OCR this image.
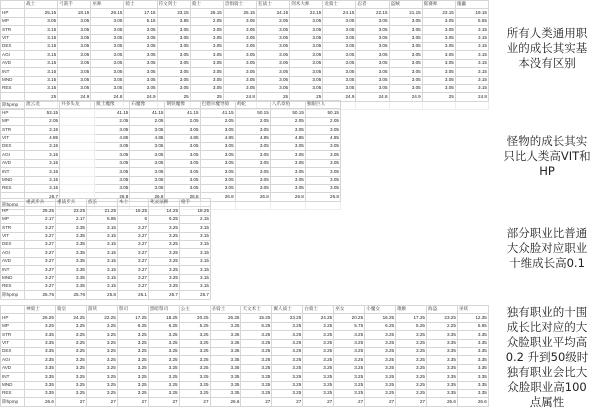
	战士	弓箭手	巫师	骑士	符文剑士	骑士	恐惧骑士	狂战士	剑术大师	龙骑士	忍者	盗贼	狱赛师	傀儡
HP	25.15	18.15	26.15	17.15	23.15	26.15	25.15	24.15	22.15	24.15	22.15	21.15	23.15	19.15
MP	3.05	3.05	3.05	5.15	3.85	2.05	3.05	2.05	3.05	3.05	3.05	3.05	3.05	5.55
STR	3.15	3.05	3.05	3.05	3.05	3.05	3.05	3.05	3.05	3.05	3.05	3.05	3.05	3.15
VIT	3.15	3.05	3.05	3.05	3.05	3.05	3.05	3.05	3.05	3.05	3.05	3.05	3.05	3.15
DEX	3.15	3.05	3.05	3.05	3.05	3.05	3.05	3.05	3.05	3.05	3.05	3.05	3.05	3.15
AGI	3.15	3.05	3.05	3.05	3.05	3.05	3.05	3.05	3.05	3.05	3.05	3.05	3.05	3.15
AVD	3.15	3.05	3.05	3.05	3.05	3.05	3.05	3.05	3.05	3.05	3.05	3.05	3.05	3.15
INT	3.15	3.05	3.05	3.05	3.05	3.05	3.05	3.05	3.05	3.05	3.05	3.05	3.05	3.15
MND	3.15	3.05	3.05	3.05	3.05	3.05	3.05	3.05	3.05	3.05	3.05	3.05	3.05	3.15
RES	3.15	3.05	3.05	3.05	3.05	3.05	3.05	3.05	3.05	3.05	3.05	3.05	3.05	3.15
	25	24.9	24.8	24.9	25	25	24.8	25	25	24.9	24.8	24.9	25	24.8
除hpmp														
	流云龙	并多头龙	航士魔像	石魔像	钢铁魔像	巴德尔魔导骑	鸡蛇	八爪章鱼	独眼巨人
HP	53.15		41.15	41.15	41.15	41.15	50.15	50.15	50.15
MP	2.05		2.05	2.05	2.05	2.05	2.05	2.05	2.05
STR	3.15		3.05	3.05	3.05	3.05	3.05	3.05	3.05
VIT	4.85		4.85	4.85	4.85	4.85	4.85	4.85	4.85
DEX	3.15		3.05	3.05	3.05	3.05	3.05	3.05	3.05
AGI	3.15		3.05	3.05	3.05	3.05	3.05	3.05	3.05
AVD	3.15		3.05	3.05	3.05	3.05	3.05	3.05	3.05
INT	3.15		3.05	3.05	3.05	3.05	3.05	3.05	3.05
MND	3.15		3.05	3.05	3.05	3.05	3.05	3.05	3.05
RES	3.15		3.05	3.05	3.05	3.05	3.05	3.05	3.05
	26.7		26.8	26.8	26.8	26.8	26.8	26.8	26.8
除hpmp									
	重武步兵	重战步兵	族长	木士	死灵法师	枪手
HP	25.25	23.25	21.25	15.25	14.25	18.25
MP	2.17	2.17	5.95	6	6.25	2.15
STR	3.27	3.35	3.15	3.27	3.25	3.15
VIT	3.27	3.35	3.15	3.27	3.25	3.15
DEX	3.27	3.35	3.15	3.27	3.25	3.15
AGI	3.27	3.35	3.15	3.27	3.25	3.15
AVD	3.27	3.35	3.15	3.27	3.25	3.15
INT	3.27	3.35	3.15	3.27	3.25	3.15
MND	3.27	3.35	3.15	3.27	3.25	3.15
RES	3.27	3.35	3.15	3.27	3.25	3.15
除hpmp	25.76	25.76	25.8	26.1	25.7	25.7
	神骑士	骑皇	游侠	祭司	黑暗祭司	公主	圣骑士	天文术士	翼人战士	白骑士	巫女	小魔女	歌姬	海盗	巫妖
HP	26.25	24.25	22.25	17.25	18.25	20.25	26.25	15.25	23.25	24.25	20.25	16.25	17.25	23.25	12.35
MP	3.25	3.25	3.25	6.25	6.25	5.25	3.25	6.25	3.25	3.25	5.75	6.25	5.25	2.25	5.65
STR	3.35	3.25	3.25	3.25	3.25	3.25	3.35	3.25	3.25	3.25	3.25	3.25	3.25	3.35	3.35
VIT	3.35	3.25	3.25	3.25	3.25	3.25	3.35	3.25	3.25	3.25	3.25	3.25	3.25	3.35	3.35
DEX	3.35	3.25	3.25	3.25	3.25	3.25	3.35	3.25	3.25	3.25	3.25	3.25	3.25	3.35	3.35
AGI	3.35	3.25	3.25	3.25	3.25	3.25	3.35	3.25	3.25	3.25	3.25	3.25	3.25	3.35	3.35
AVD	3.35	3.25	3.25	3.25	3.25	3.25	3.35	3.25	3.25	3.25	3.25	3.25	3.25	3.35	3.35
INT	3.35	3.25	3.25	3.25	3.25	3.25	3.35	3.25	3.25	3.25	3.25	3.25	3.25	3.35	3.35
MND	3.35	3.25	3.25	3.25	3.25	3.25	3.35	3.25	3.25	3.25	3.25	3.25	3.25	3.35	3.35
RES	3.35	3.25	3.25	3.25	3.25	3.25	3.35	3.25	3.25	3.25	3.25	3.25	3.25	3.35	3.35
除hpmp	26.6	27	27	27	27	27	26.6	27	27	27	27	27	27	26.6	26.6
所有人类通用职业的成长其实基本没有区别
怪物的成长其实只比人类高VIT和HP
部分职业比普通大众脸对应职业十维成长高0.1
独有职业的十围成长比对应的大众脸职业平均高0.2 升到50级时独有职业会比大众脸职业高100点属性
